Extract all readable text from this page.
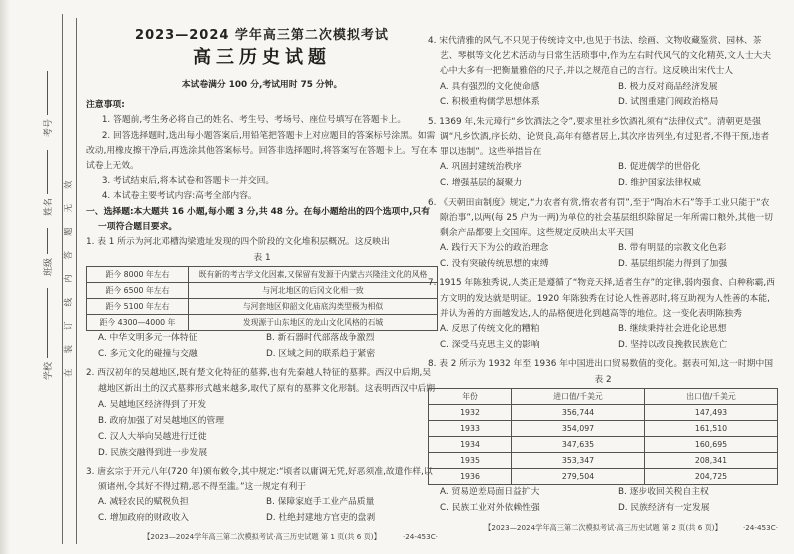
学校
班级
姓名
考号
在装订线内答题无效
2023—2024 学年高三第二次模拟考试
高三历史试题
本试卷满分 100 分,考试用时 75 分钟。
注意事项:

1. 答题前,考生务必将自己的姓名、考生号、考场号、座位号填写在答题卡上。

2. 回答选择题时,选出每小题答案后,用铅笔把答题卡上对应题目的答案标号涂黑。如需改动,用橡皮擦干净后,再选涂其他答案标号。回答非选择题时,将答案写在答题卡上。写在本试卷上无效。

3. 考试结束后,将本试卷和答题卡一并交回。

4. 本试卷主要考试内容:高考全部内容。

一、选择题:本大题共 16 小题,每小题 3 分,共 48 分。在每小题给出的四个选项中,只有一项符合题目要求。

1. 表 1 所示为河北邓槽沟梁遗址发现的四个阶段的文化堆积层概况。这反映出

表 1
距今 8000 年左右	既有新的考古学文化因素,又保留有发源于内蒙古兴隆洼文化的风格
距今 6500 年左右	与河北地区的后冈文化相一致
距今 5100 年左右	与河套地区仰韶文化庙底沟类型极为相似
距今 4300—4000 年	发现源于山东地区的龙山文化风格的石城
A. 中华文明多元一体特征	B. 新石器时代部落战争激烈
C. 多元文化的碰撞与交融	D. 区域之间的联系趋于紧密

2. 西汉初年的吴越地区,既有楚文化特征的墓葬,也有先秦越人特征的墓葬。西汉中后期,吴越地区新出土的汉式墓葬形式越来越多,取代了原有的墓葬文化形制。这表明西汉中后期

A. 吴越地区经济得到了开发
B. 政府加强了对吴越地区的管理
C. 汉人大举向吴越进行迁徙
D. 民族交融得到进一步发展

3. 唐玄宗于开元八年(720 年)颁布敕令,其中规定:“顷者以庸调无凭,好恶须准,故遣作样,以颁诸州,令其好不得过精,恶不得至滥。”这一规定有利于

A. 减轻农民的赋税负担	B. 保障家庭手工业产品质量
C. 增加政府的财政收入	D. 杜绝封建地方官吏的盘剥
【2023—2024学年高三第二次模拟考试·高三历史试题 第 1 页(共 6 页)】	·24-453C·

4. 宋代清雅的风气,不只见于传统诗文中,也见于书法、绘画、文物收藏鉴赏、园林、茶艺、琴棋等文化艺术活动与日常生活琐事中,作为左右时代风气的文化精英,文人士大夫心中大多有一把衡量雅俗的尺子,并以之规范自己的言行。这反映出宋代士人

A. 具有强烈的文化使命感	B. 极力反对商品经济发展
C. 积极重构儒学思想体系	D. 试图重建门阀政治格局

5. 1369 年,朱元璋行“乡饮酒法之令”,要求里社乡饮酒礼须有“法律仪式”。清朝更是强调“凡乡饮酒,序长幼、论贤良,高年有德者居上,其次序齿列坐,有过犯者,不得干预,违者罪以违制”。这些举措旨在

A. 巩固封建统治秩序	B. 促进儒学的世俗化
C. 增强基层的凝聚力	D. 维护国家法律权威

6. 《天朝田亩制度》规定,“力农者有赏,惰农者有罚”,至于“陶冶木石”等手工业只能于“农隙治事”,以两(每 25 户为一两)为单位的社会基层组织除留足一年所需口粮外,其他一切剩余产品都要上交国库。这些规定反映出太平天国

A. 践行天下为公的政治理念	B. 带有明显的宗教文化色彩
C. 没有突破传统思想的束缚	D. 基层组织能力得到了加强

7. 1915 年陈独秀说,人类正是遵循了“物竞天择,适者生存”的定律,弱肉强食、白种称霸,西方文明的发达就是明证。1920 年陈独秀在讨论人性善恶时,将互助视为人性善的本能,并认为善的方面越发达,人的品格便进化到越高等的地位。这一变化表明陈独秀

A. 反思了传统文化的糟粕	B. 继续秉持社会进化论思想
C. 深受马克思主义的影响	D. 坚持以改良挽救民族危亡

8. 表 2 所示为 1932 年至 1936 年中国进出口贸易数值的变化。据表可知,这一时期中国

表 2
年份	进口值/千美元	出口值/千美元
1932	356,744	147,493
1933	354,097	161,510
1934	347,635	160,695
1935	353,347	208,341
1936	279,504	204,725
A. 贸易逆差局面日益扩大	B. 逐步收回关税自主权
C. 民族工业对外依赖性强	D. 民族经济有一定发展
【2023—2024学年高三第二次模拟考试·高三历史试题 第 2 页(共 6 页)】	·24-453C·
